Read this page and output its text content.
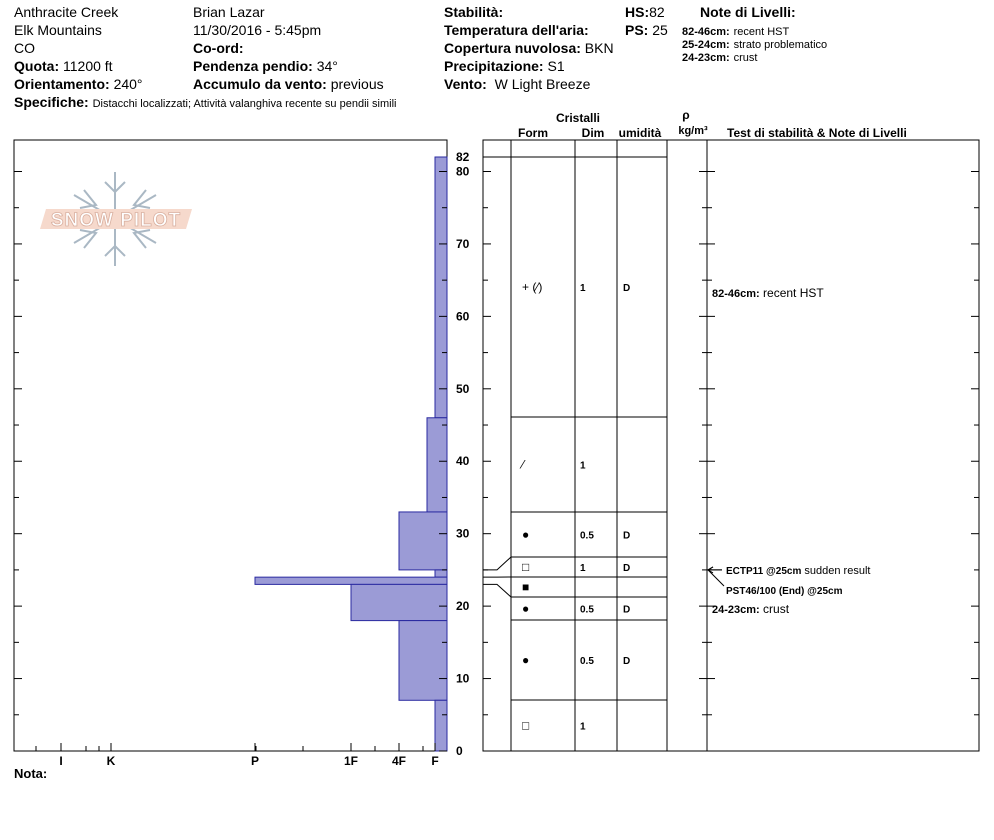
Anthracite Creek
Elk Mountains
CO
Quota: 11200 ft
Orientamento: 240°
Specifiche: Distacchi localizzati; Attività valanghiva recente su pendii simili
Brian Lazar
11/30/2016 - 5:45pm
Co-ord:
Pendenza pendio: 34°
Accumulo da vento: previous
Stabilità:
Temperatura dell'aria:
Copertura nuvolosa: BKN
Precipitazione: S1
Vento: W Light Breeze
HS:82
PS: 25
Note di Livelli:
82-46cm: recent HST
25-24cm: strato problematico
24-23cm: crust
SNOW PILOT
I	K	P	1F	4F F
0
10
20
30
40
50
60
70
80
82
Cristalli
Form	Dim umidità
ρ
kg/m³ Test di stabilità & Note di Livelli
+ (⁄)	1	D
⁄	1
●	0.5	D
□	1	D
■
●	0.5	D
●	0.5	D
□	1
ECTP11 @25cm sudden result
PST46/100 (End) @25cm
82-46cm: recent HST
24-23cm: crust
Nota:
